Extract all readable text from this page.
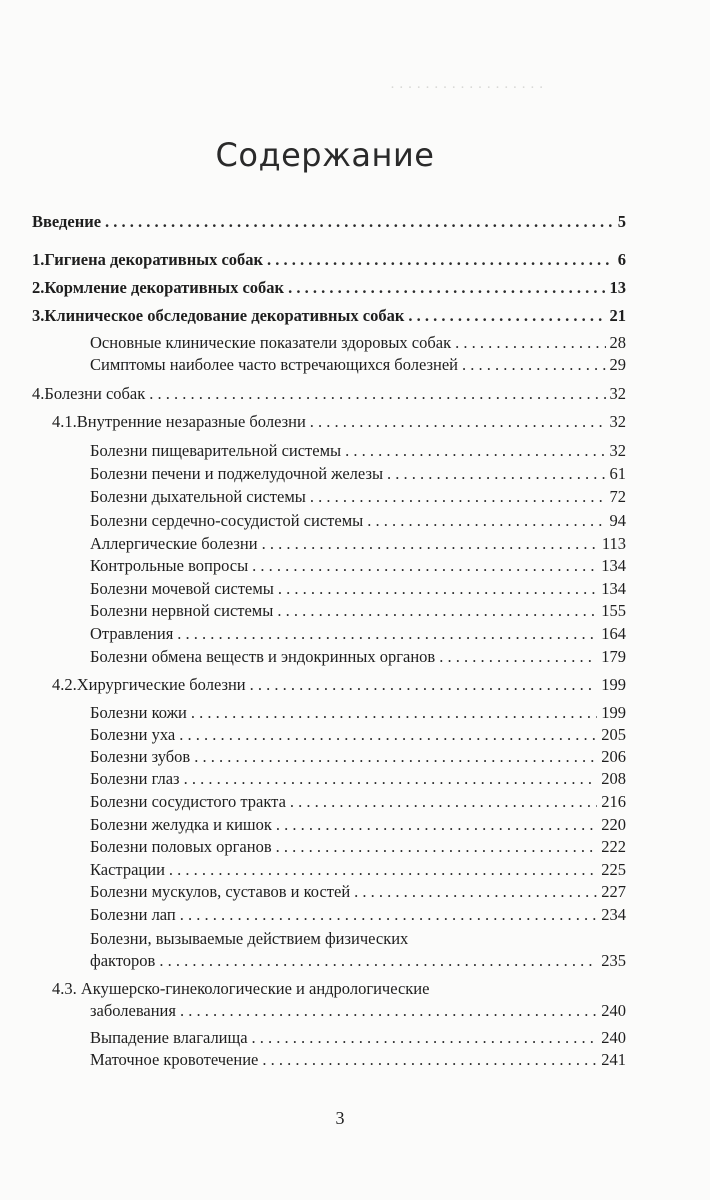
· · · · · · · · · · · · · · · · · ·
Содержание
Введение . . .	5
1. Гигиена декоративных собак . . .	6
2. Кормление декоративных собак . . .	13
3. Клиническое обследование декоративных собак . . .	21
Основные клинические показатели здоровых собак . . .	28
Симптомы наиболее часто встречающихся болезней . . .	29
4. Болезни собак . . .	32
4.1. Внутренние незаразные болезни . . .	32
Болезни пищеварительной системы . . .	32
Болезни печени и поджелудочной железы . . .	61
Болезни дыхательной системы . . .	72
Болезни сердечно-сосудистой системы . . .	94
Аллергические болезни . . .	113
Контрольные вопросы . . .	134
Болезни мочевой системы . . .	134
Болезни нервной системы . . .	155
Отравления . . .	164
Болезни обмена веществ и эндокринных органов . . .	179
4.2. Хирургические болезни . . .	199
Болезни кожи . . .	199
Болезни уха . . .	205
Болезни зубов . . .	206
Болезни глаз . . .	208
Болезни сосудистого тракта . . .	216
Болезни желудка и кишок . . .	220
Болезни половых органов . . .	222
Кастрации . . .	225
Болезни мускулов, суставов и костей . . .	227
Болезни лап . . .	234
Болезни, вызываемые действием физических
факторов . . .	235
4.3. Акушерско-гинекологические и андрологические
заболевания . . .	240
Выпадение влагалища . . .	240
Маточное кровотечение . . .	241
3
